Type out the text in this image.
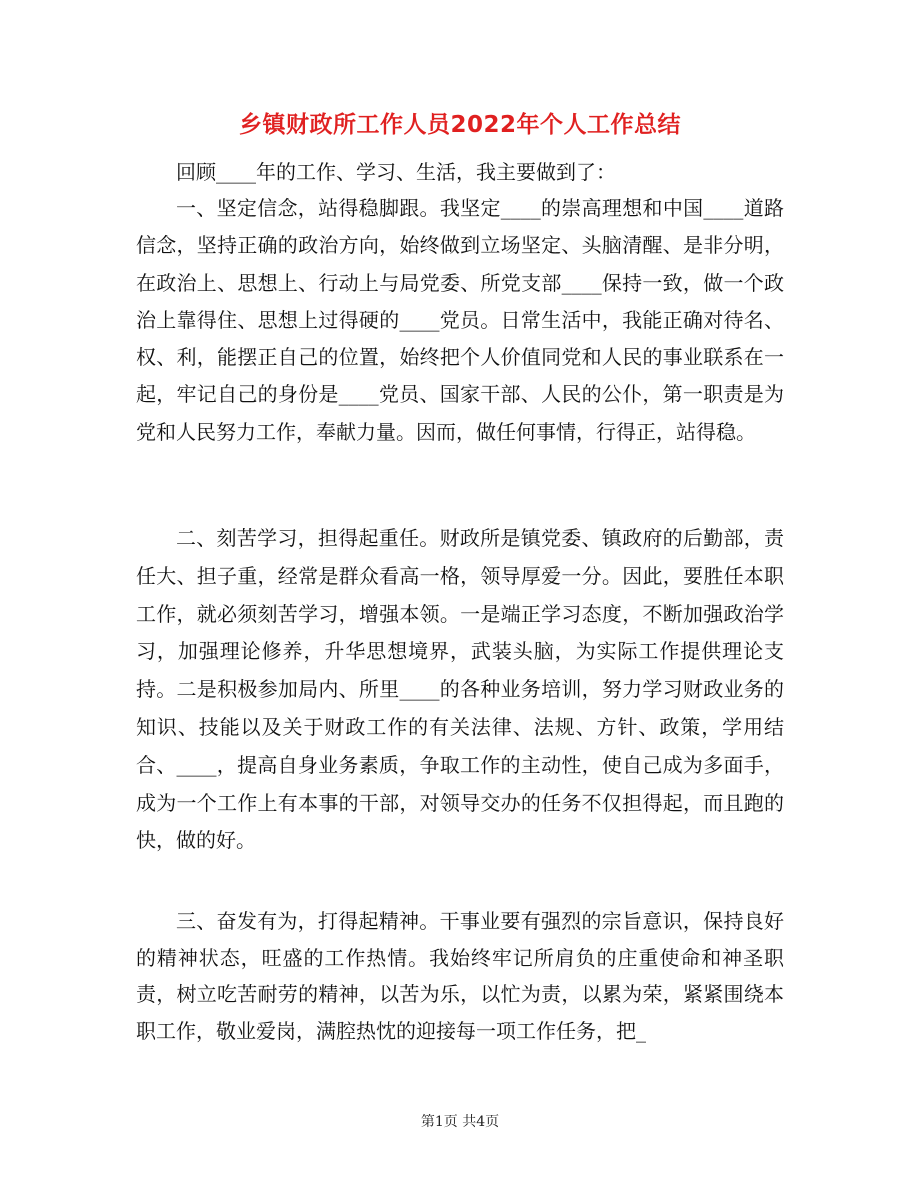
乡镇财政所工作人员2022年个人工作总结

回顾____年的工作、学习、生活，我主要做到了：

一、坚定信念，站得稳脚跟。我坚定____的崇高理想和中国____道路信念，坚持正确的政治方向，始终做到立场坚定、头脑清醒、是非分明，在政治上、思想上、行动上与局党委、所党支部____保持一致，做一个政治上靠得住、思想上过得硬的____党员。日常生活中，我能正确对待名、权、利，能摆正自己的位置，始终把个人价值同党和人民的事业联系在一起，牢记自己的身份是____党员、国家干部、人民的公仆，第一职责是为党和人民努力工作，奉献力量。因而，做任何事情，行得正，站得稳。

二、刻苦学习，担得起重任。财政所是镇党委、镇政府的后勤部，责任大、担子重，经常是群众看高一格，领导厚爱一分。因此，要胜任本职工作，就必须刻苦学习，增强本领。一是端正学习态度，不断加强政治学习，加强理论修养，升华思想境界，武装头脑，为实际工作提供理论支持。二是积极参加局内、所里____的各种业务培训，努力学习财政业务的知识、技能以及关于财政工作的有关法律、法规、方针、政策，学用结合、____，提高自身业务素质，争取工作的主动性，使自己成为多面手，成为一个工作上有本事的干部，对领导交办的任务不仅担得起，而且跑的快，做的好。

三、奋发有为，打得起精神。干事业要有强烈的宗旨意识，保持良好的精神状态，旺盛的工作热情。我始终牢记所肩负的庄重使命和神圣职责，树立吃苦耐劳的精神，以苦为乐，以忙为责，以累为荣，紧紧围绕本职工作，敬业爱岗，满腔热忱的迎接每一项工作任务，把_

第1页 共4页
